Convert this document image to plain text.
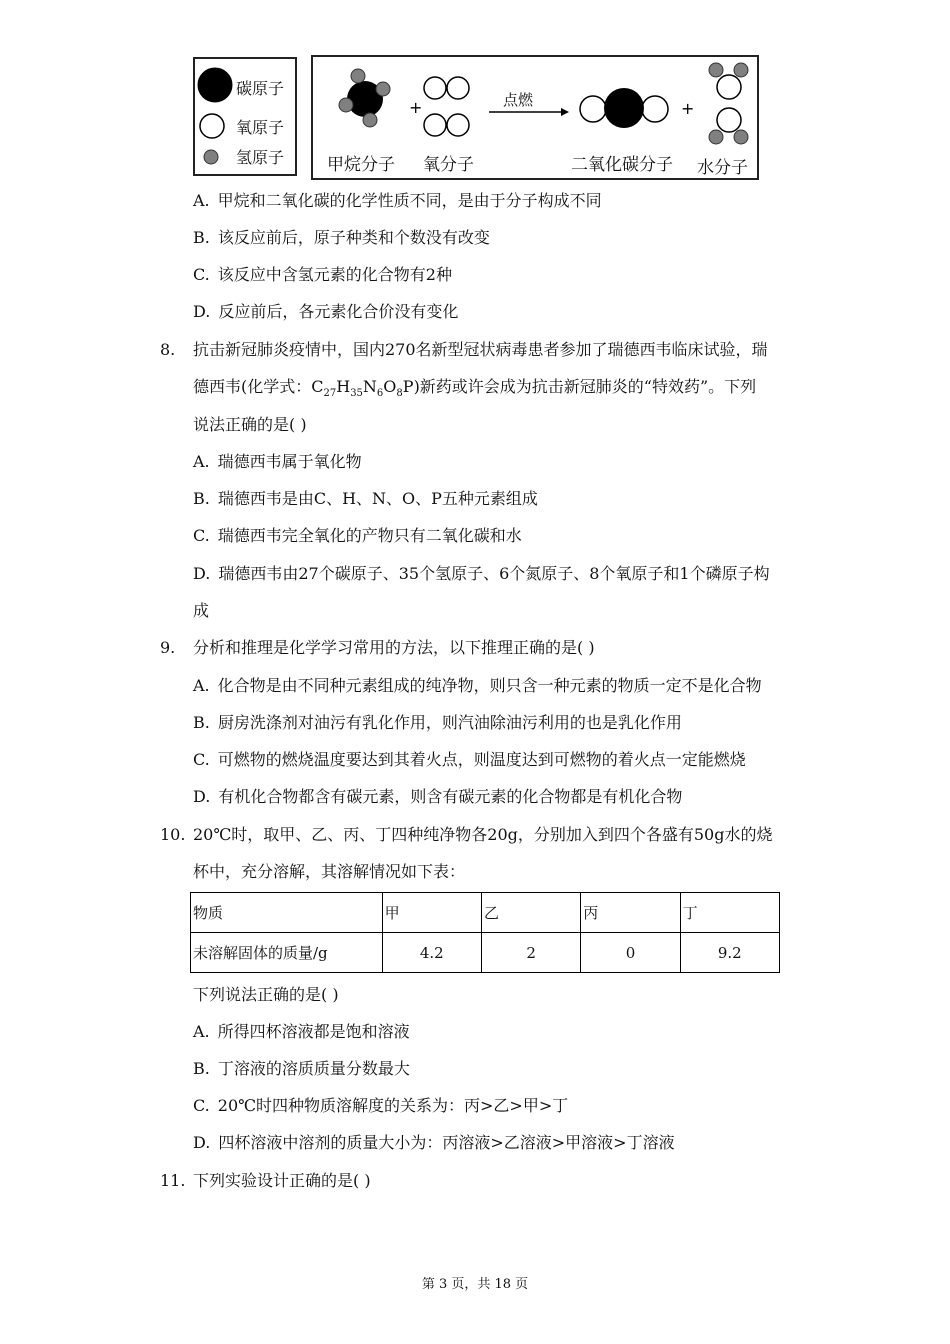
碳原子
氧原子
氢原子
+	+
点燃
甲烷分子 氧分子	二氧化碳分子 水分子
A. 甲烷和二氧化碳的化学性质不同，是由于分子构成不同
B. 该反应前后，原子种类和个数没有改变
C. 该反应中含氢元素的化合物有2种
D. 反应前后，各元素化合价没有变化
8. 抗击新冠肺炎疫情中，国内270名新型冠状病毒患者参加了瑞德西韦临床试验，瑞
德西韦(化学式：$C_{27}H_{35}N_6O_8P$)新药或许会成为抗击新冠肺炎的“特效药”。下列
说法正确的是( )
A. 瑞德西韦属于氧化物
B. 瑞德西韦是由C、H、N、O、P五种元素组成
C. 瑞德西韦完全氧化的产物只有二氧化碳和水
D. 瑞德西韦由27个碳原子、35个氢原子、6个氮原子、8个氧原子和1个磷原子构
成
9. 分析和推理是化学学习常用的方法，以下推理正确的是( )
A. 化合物是由不同种元素组成的纯净物，则只含一种元素的物质一定不是化合物
B. 厨房洗涤剂对油污有乳化作用，则汽油除油污利用的也是乳化作用
C. 可燃物的燃烧温度要达到其着火点，则温度达到可燃物的着火点一定能燃烧
D. 有机化合物都含有碳元素，则含有碳元素的化合物都是有机化合物
10. 20℃时，取甲、乙、丙、丁四种纯净物各20g，分别加入到四个各盛有50g水的烧
杯中，充分溶解，其溶解情况如下表：
物质	甲	乙	丙	丁
未溶解固体的质量/g	4.2	2	0	9.2
下列说法正确的是( )
A. 所得四杯溶液都是饱和溶液
B. 丁溶液的溶质质量分数最大
C. 20℃时四种物质溶解度的关系为：丙>乙>甲>丁
D. 四杯溶液中溶剂的质量大小为：丙溶液>乙溶液>甲溶液>丁溶液
11. 下列实验设计正确的是( )
第 3 页，共 18 页
